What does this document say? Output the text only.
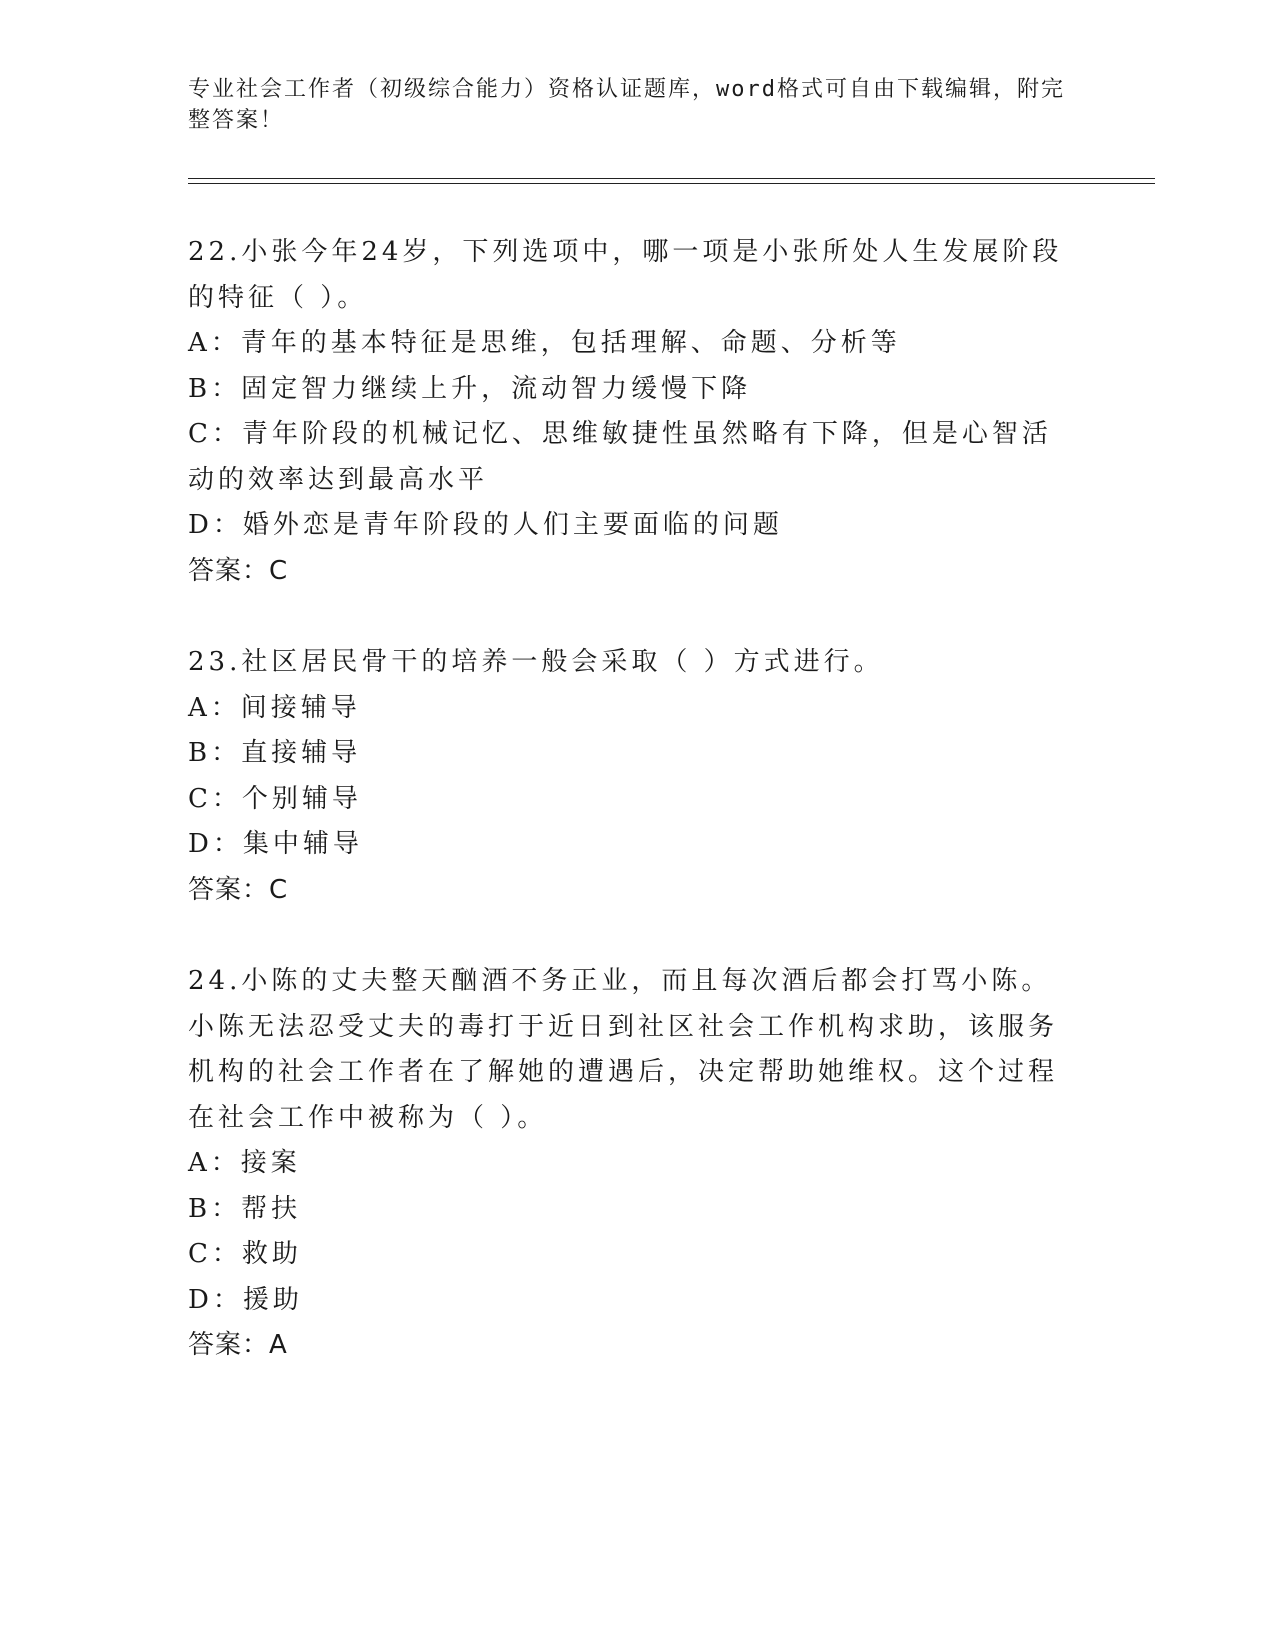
专业社会工作者（初级综合能力）资格认证题库，word格式可自由下载编辑，附完整答案！

22.小张今年24岁，下列选项中，哪一项是小张所处人生发展阶段的特征（ ）。

A：青年的基本特征是思维，包括理解、命题、分析等

B：固定智力继续上升，流动智力缓慢下降

C：青年阶段的机械记忆、思维敏捷性虽然略有下降，但是心智活动的效率达到最高水平

D：婚外恋是青年阶段的人们主要面临的问题

答案：C

23.社区居民骨干的培养一般会采取（ ）方式进行。

A：间接辅导

B：直接辅导

C：个别辅导

D：集中辅导

答案：C

24.小陈的丈夫整天酗酒不务正业，而且每次酒后都会打骂小陈。小陈无法忍受丈夫的毒打于近日到社区社会工作机构求助，该服务机构的社会工作者在了解她的遭遇后，决定帮助她维权。这个过程在社会工作中被称为（ ）。

A：接案

B：帮扶

C：救助

D：援助

答案：A
